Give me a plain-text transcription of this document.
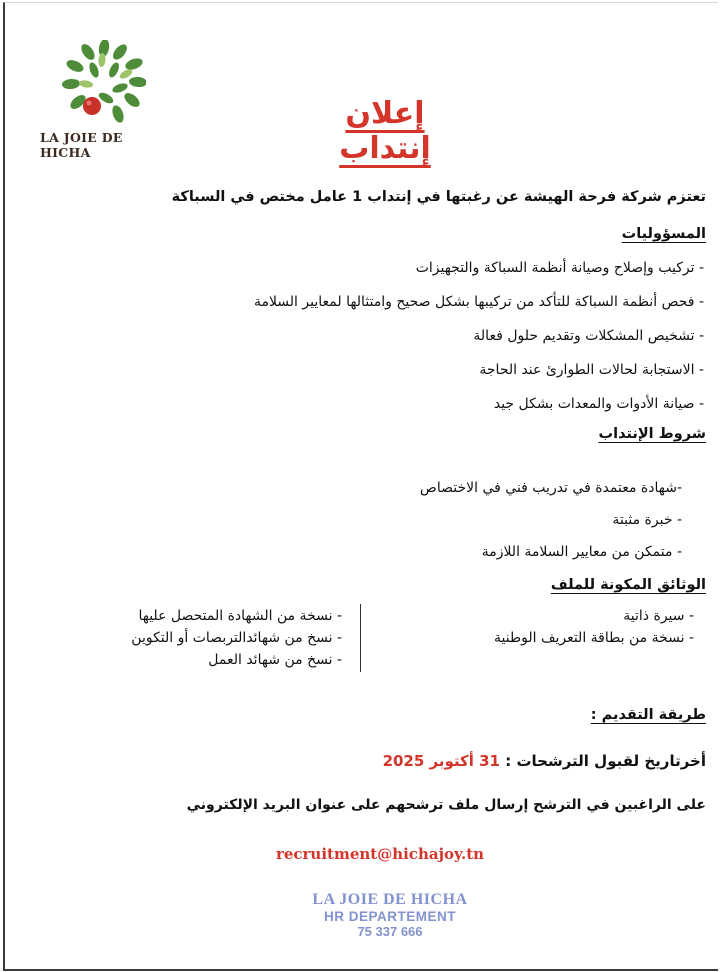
LA JOIE DE HICHA
إعلان إنتداب
تعتزم شركة فرحة الهيشة عن رغبتها في إنتداب 1 عامل مختص في السباكة
المسؤوليات
- تركيب وإصلاح وصيانة أنظمة السباكة والتجهيزات
- فحص أنظمة السباكة للتأكد من تركيبها بشكل صحيح وامتثالها لمعايير السلامة
- تشخيص المشكلات وتقديم حلول فعالة
- الاستجابة لحالات الطوارئ عند الحاجة
- صيانة الأدوات والمعدات بشكل جيد
شروط الإنتداب
-شهادة معتمدة في تدريب فني في الاختصاص
- خبرة مثبتة
- متمكن من معايير السلامة اللازمة
الوثائق المكونة للملف
- سيرة ذاتية
- نسخة من بطاقة التعريف الوطنية
- نسخة من الشهادة المتحصل عليها
- نسخ من شهائدالتربصات أو التكوين
- نسخ من شهائد العمل
طريقة التقديم :
أخرتاريخ لقبول الترشحات : 31 أكتوبر 2025
على الراغبين في الترشح إرسال ملف ترشحهم على عنوان البريد الإلكتروني
recruitment@hichajoy.tn
LA JOIE DE HICHA
HR DEPARTEMENT
75 337 666
